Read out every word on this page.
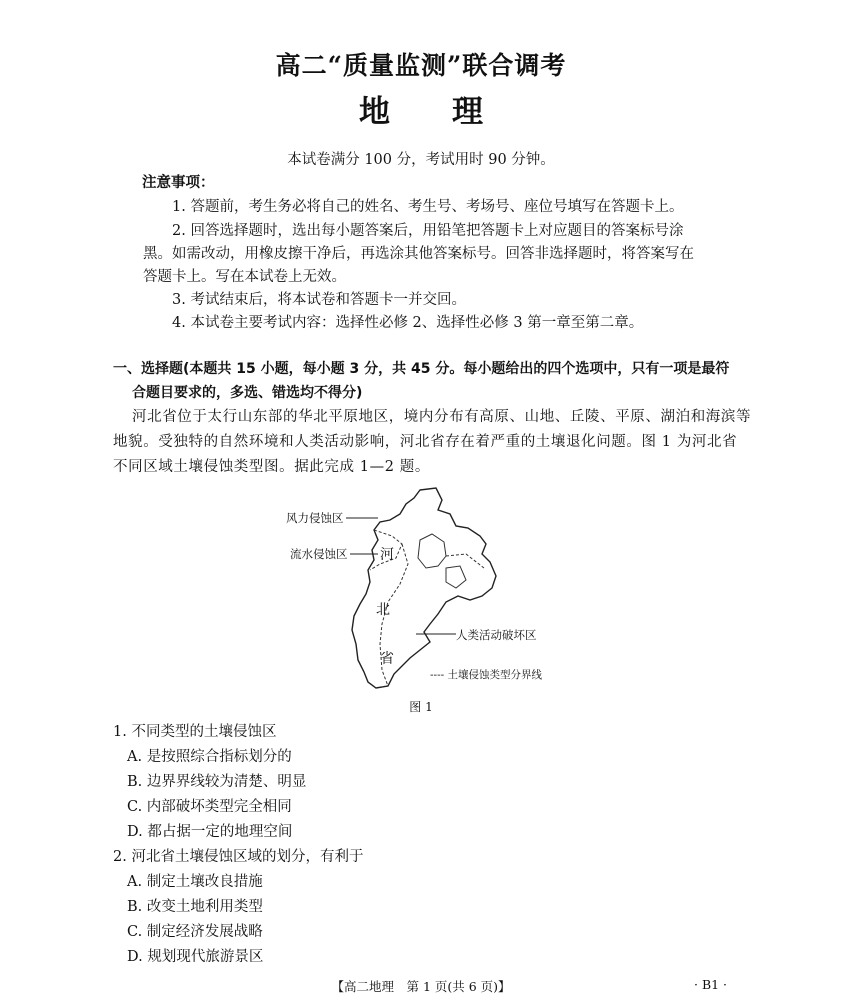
高二“质量监测”联合调考
地理
本试卷满分 100 分，考试用时 90 分钟。
注意事项：
1. 答题前，考生务必将自己的姓名、考生号、考场号、座位号填写在答题卡上。
2. 回答选择题时，选出每小题答案后，用铅笔把答题卡上对应题目的答案标号涂
黑。如需改动，用橡皮擦干净后，再选涂其他答案标号。回答非选择题时，将答案写在
答题卡上。写在本试卷上无效。
3. 考试结束后，将本试卷和答题卡一并交回。
4. 本试卷主要考试内容：选择性必修 2、选择性必修 3 第一章至第二章。
一、选择题(本题共 15 小题，每小题 3 分，共 45 分。每小题给出的四个选项中，只有一项是最符
合题目要求的，多选、错选均不得分)
河北省位于太行山东部的华北平原地区，境内分布有高原、山地、丘陵、平原、湖泊和海滨等
地貌。受独特的自然环境和人类活动影响，河北省存在着严重的土壤退化问题。图 1 为河北省
不同区域土壤侵蚀类型图。据此完成 1—2 题。
风力侵蚀区
流水侵蚀区
人类活动破坏区
---- 土壤侵蚀类型分界线
河
北
省
图 1
1. 不同类型的土壤侵蚀区
A. 是按照综合指标划分的
B. 边界界线较为清楚、明显
C. 内部破坏类型完全相同
D. 都占据一定的地理空间
2. 河北省土壤侵蚀区域的划分，有利于
A. 制定土壤改良措施
B. 改变土地利用类型
C. 制定经济发展战略
D. 规划现代旅游景区
【高二地理　第 1 页(共 6 页)】	· B1 ·
